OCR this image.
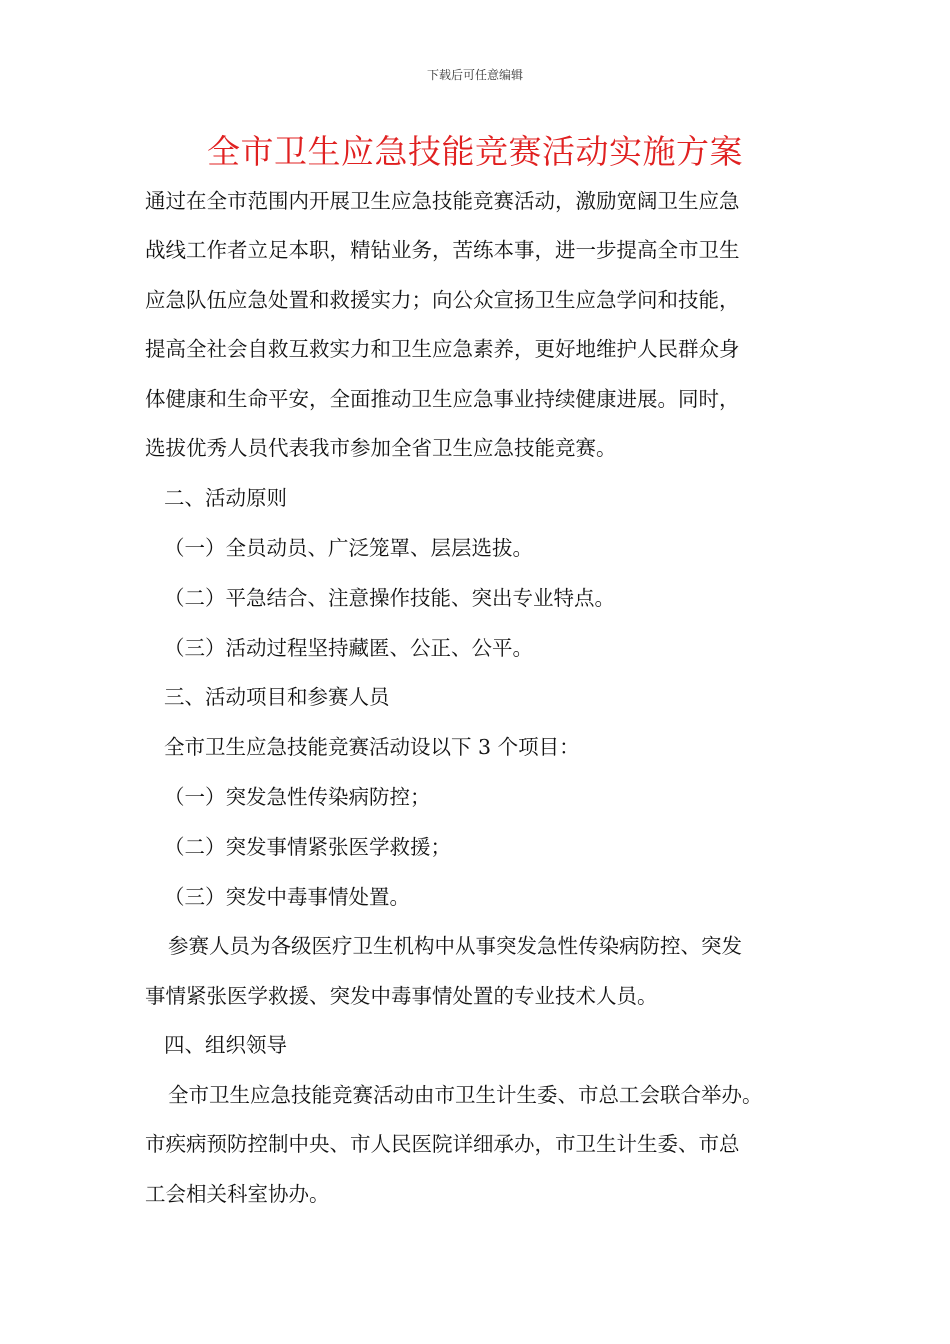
下载后可任意编辑
全市卫生应急技能竞赛活动实施方案
通过在全市范围内开展卫生应急技能竞赛活动，激励宽阔卫生应急
战线工作者立足本职，精钻业务，苦练本事，进一步提高全市卫生
应急队伍应急处置和救援实力；向公众宣扬卫生应急学问和技能，
提高全社会自救互救实力和卫生应急素养，更好地维护人民群众身
体健康和生命平安，全面推动卫生应急事业持续健康进展。同时，
选拔优秀人员代表我市参加全省卫生应急技能竞赛。
二、活动原则
（一）全员动员、广泛笼罩、层层选拔。
（二）平急结合、注意操作技能、突出专业特点。
（三）活动过程坚持藏匿、公正、公平。
三、活动项目和参赛人员
全市卫生应急技能竞赛活动设以下 3 个项目：
（一）突发急性传染病防控；
（二）突发事情紧张医学救援；
（三）突发中毒事情处置。
参赛人员为各级医疗卫生机构中从事突发急性传染病防控、突发
事情紧张医学救援、突发中毒事情处置的专业技术人员。
四、组织领导
全市卫生应急技能竞赛活动由市卫生计生委、市总工会联合举办。
市疾病预防控制中央、市人民医院详细承办，市卫生计生委、市总
工会相关科室协办。
